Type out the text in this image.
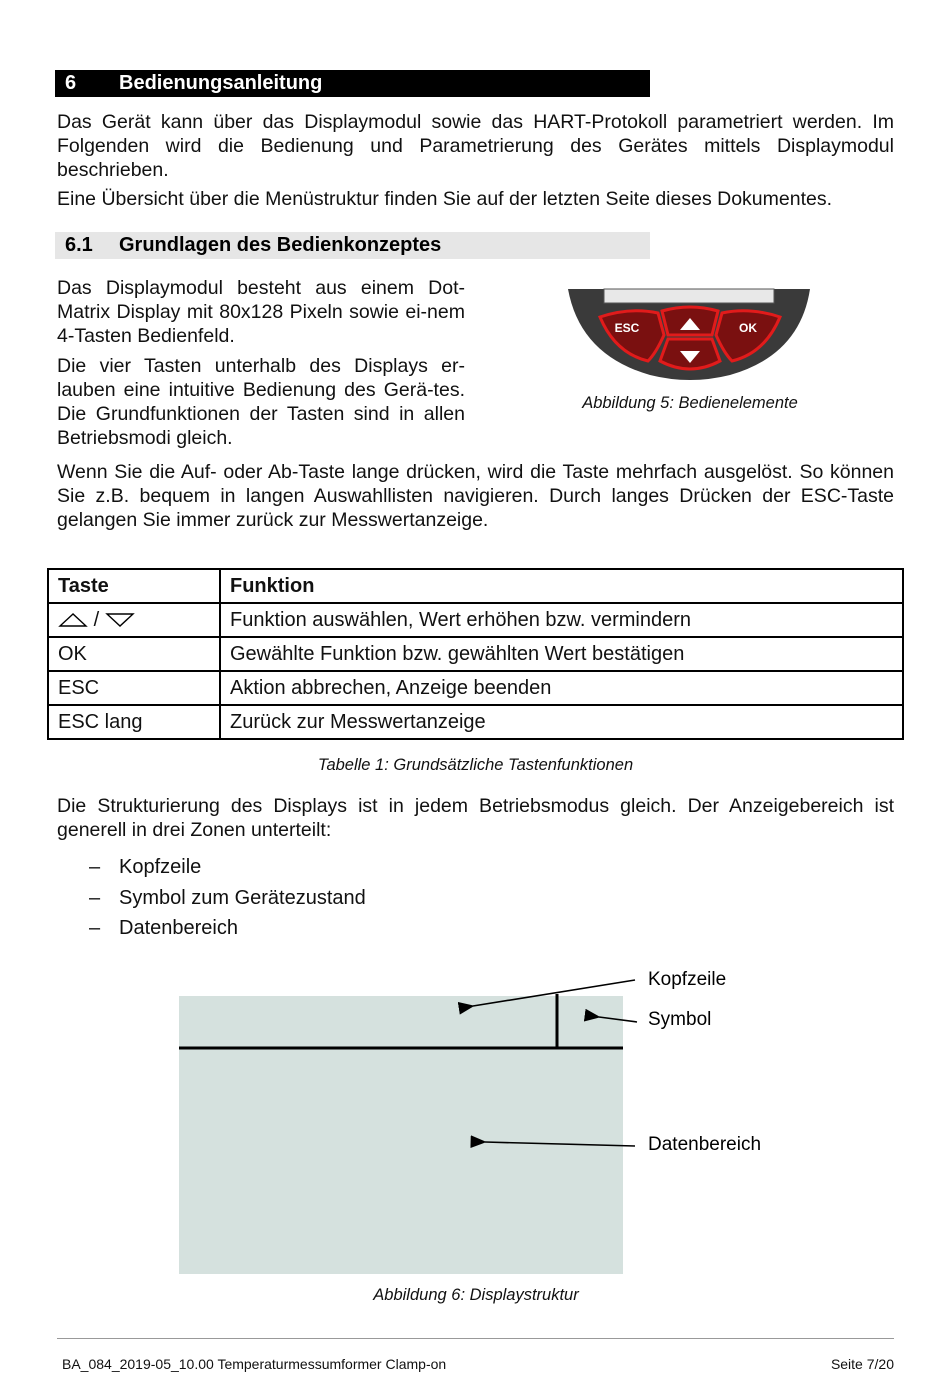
6 Bedienungsanleitung

Das Gerät kann über das Displaymodul sowie das HART-Protokoll parametriert werden. Im Folgenden wird die Bedienung und Parametrierung des Gerätes mittels Displaymodul beschrieben.

Eine Übersicht über die Menüstruktur finden Sie auf der letzten Seite dieses Dokumentes.

6.1 Grundlagen des Bedienkonzeptes

Das Displaymodul besteht aus einem Dot-Matrix Display mit 80x128 Pixeln sowie ei-nem 4-Tasten Bedienfeld.

Die vier Tasten unterhalb des Displays er-lauben eine intuitive Bedienung des Gerä-tes. Die Grundfunktionen der Tasten sind in allen Betriebsmodi gleich.

ESC	OK
Abbildung 5: Bedienelemente

Wenn Sie die Auf- oder Ab-Taste lange drücken, wird die Taste mehrfach ausgelöst. So können Sie z.B. bequem in langen Auswahllisten navigieren. Durch langes Drücken der ESC-Taste gelangen Sie immer zurück zur Messwertanzeige.

Taste	Funktion
/	Funktion auswählen, Wert erhöhen bzw. vermindern
OK	Gewählte Funktion bzw. gewählten Wert bestätigen
ESC	Aktion abbrechen, Anzeige beenden
ESC lang	Zurück zur Messwertanzeige
Tabelle 1: Grundsätzliche Tastenfunktionen

Die Strukturierung des Displays ist in jedem Betriebsmodus gleich. Der Anzeigebereich ist generell in drei Zonen unterteilt:

– Kopfzeile
– Symbol zum Gerätezustand
– Datenbereich
Kopfzeile
Symbol
Datenbereich
Abbildung 6: Displaystruktur
BA_084_2019-05_10.00 Temperaturmessumformer Clamp-on	Seite 7/20
